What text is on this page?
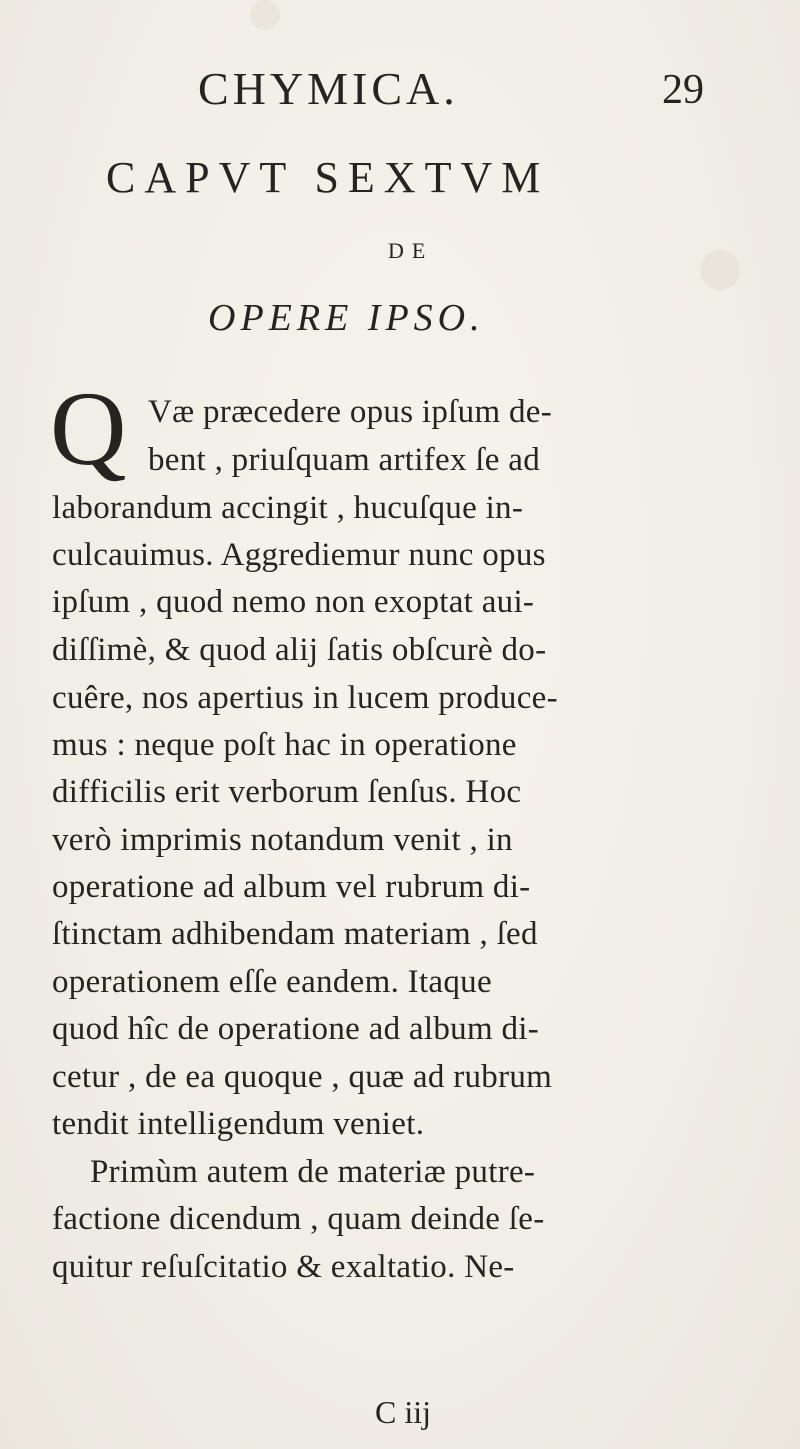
CHYMICA.	29
CAPVT SEXTVM
DE
OPERE IPSO.
Q Væ præcedere opus ipſum de-
bent , priuſquam artifex ſe ad
laborandum accingit , hucuſque in-
culcauimus. Aggrediemur nunc opus
ipſum , quod nemo non exoptat aui-
diſſimè, & quod alij ſatis obſcurè do-
cuêre, nos apertius in lucem produce-
mus : neque poſt hac in operatione
difficilis erit verborum ſenſus. Hoc
verò imprimis notandum venit , in
operatione ad album vel rubrum di-
ſtinctam adhibendam materiam , ſed
operationem eſſe eandem. Itaque
quod hîc de operatione ad album di-
cetur , de ea quoque , quæ ad rubrum
tendit intelligendum veniet.
Primùm autem de materiæ putre-
factione dicendum , quam deinde ſe-
quitur reſuſcitatio & exaltatio. Ne-
C iij
